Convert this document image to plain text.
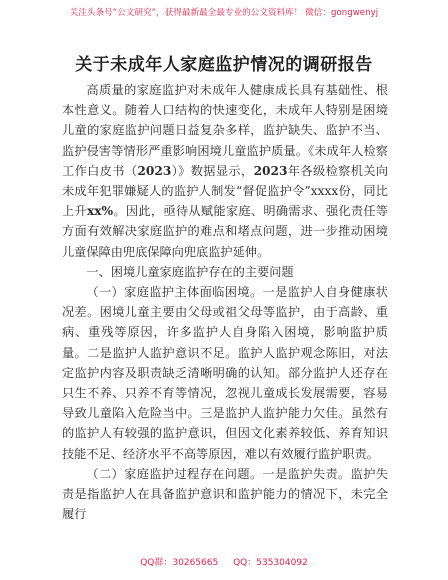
关注头条号“公文研究”，获得最新最全最专业的公文资料库！ 微信：gongwenyj
关于未成年人家庭监护情况的调研报告

高质量的家庭监护对未成年人健康成长具有基础性、根本性意义。随着人口结构的快速变化，未成年人特别是困境儿童的家庭监护问题日益复杂多样，监护缺失、监护不当、监护侵害等情形严重影响困境儿童监护质量。《未成年人检察工作白皮书（2023）》数据显示，2023年各级检察机关向未成年犯罪嫌疑人的监护人制发“督促监护令”xxxx份，同比上升xx%。因此，亟待从赋能家庭、明确需求、强化责任等方面有效解决家庭监护的难点和堵点问题，进一步推动困境儿童保障由兜底保障向兜底监护延伸。

一、困境儿童家庭监护存在的主要问题

（一）家庭监护主体面临困境。一是监护人自身健康状况差。困境儿童主要由父母或祖父母等监护，由于高龄、重病、重残等原因，许多监护人自身陷入困境，影响监护质量。二是监护人监护意识不足。监护人监护观念陈旧，对法定监护内容及职责缺乏清晰明确的认知。部分监护人还存在只生不养、只养不育等情况，忽视儿童成长发展需要，容易导致儿童陷入危险当中。三是监护人监护能力欠佳。虽然有的监护人有较强的监护意识，但因文化素养较低、养育知识技能不足、经济水平不高等原因，难以有效履行监护职责。

（二）家庭监护过程存在问题。一是监护失责。监护失责是指监护人在具备监护意识和监护能力的情况下，未完全履行

QQ群：30265665 QQ：535304092
